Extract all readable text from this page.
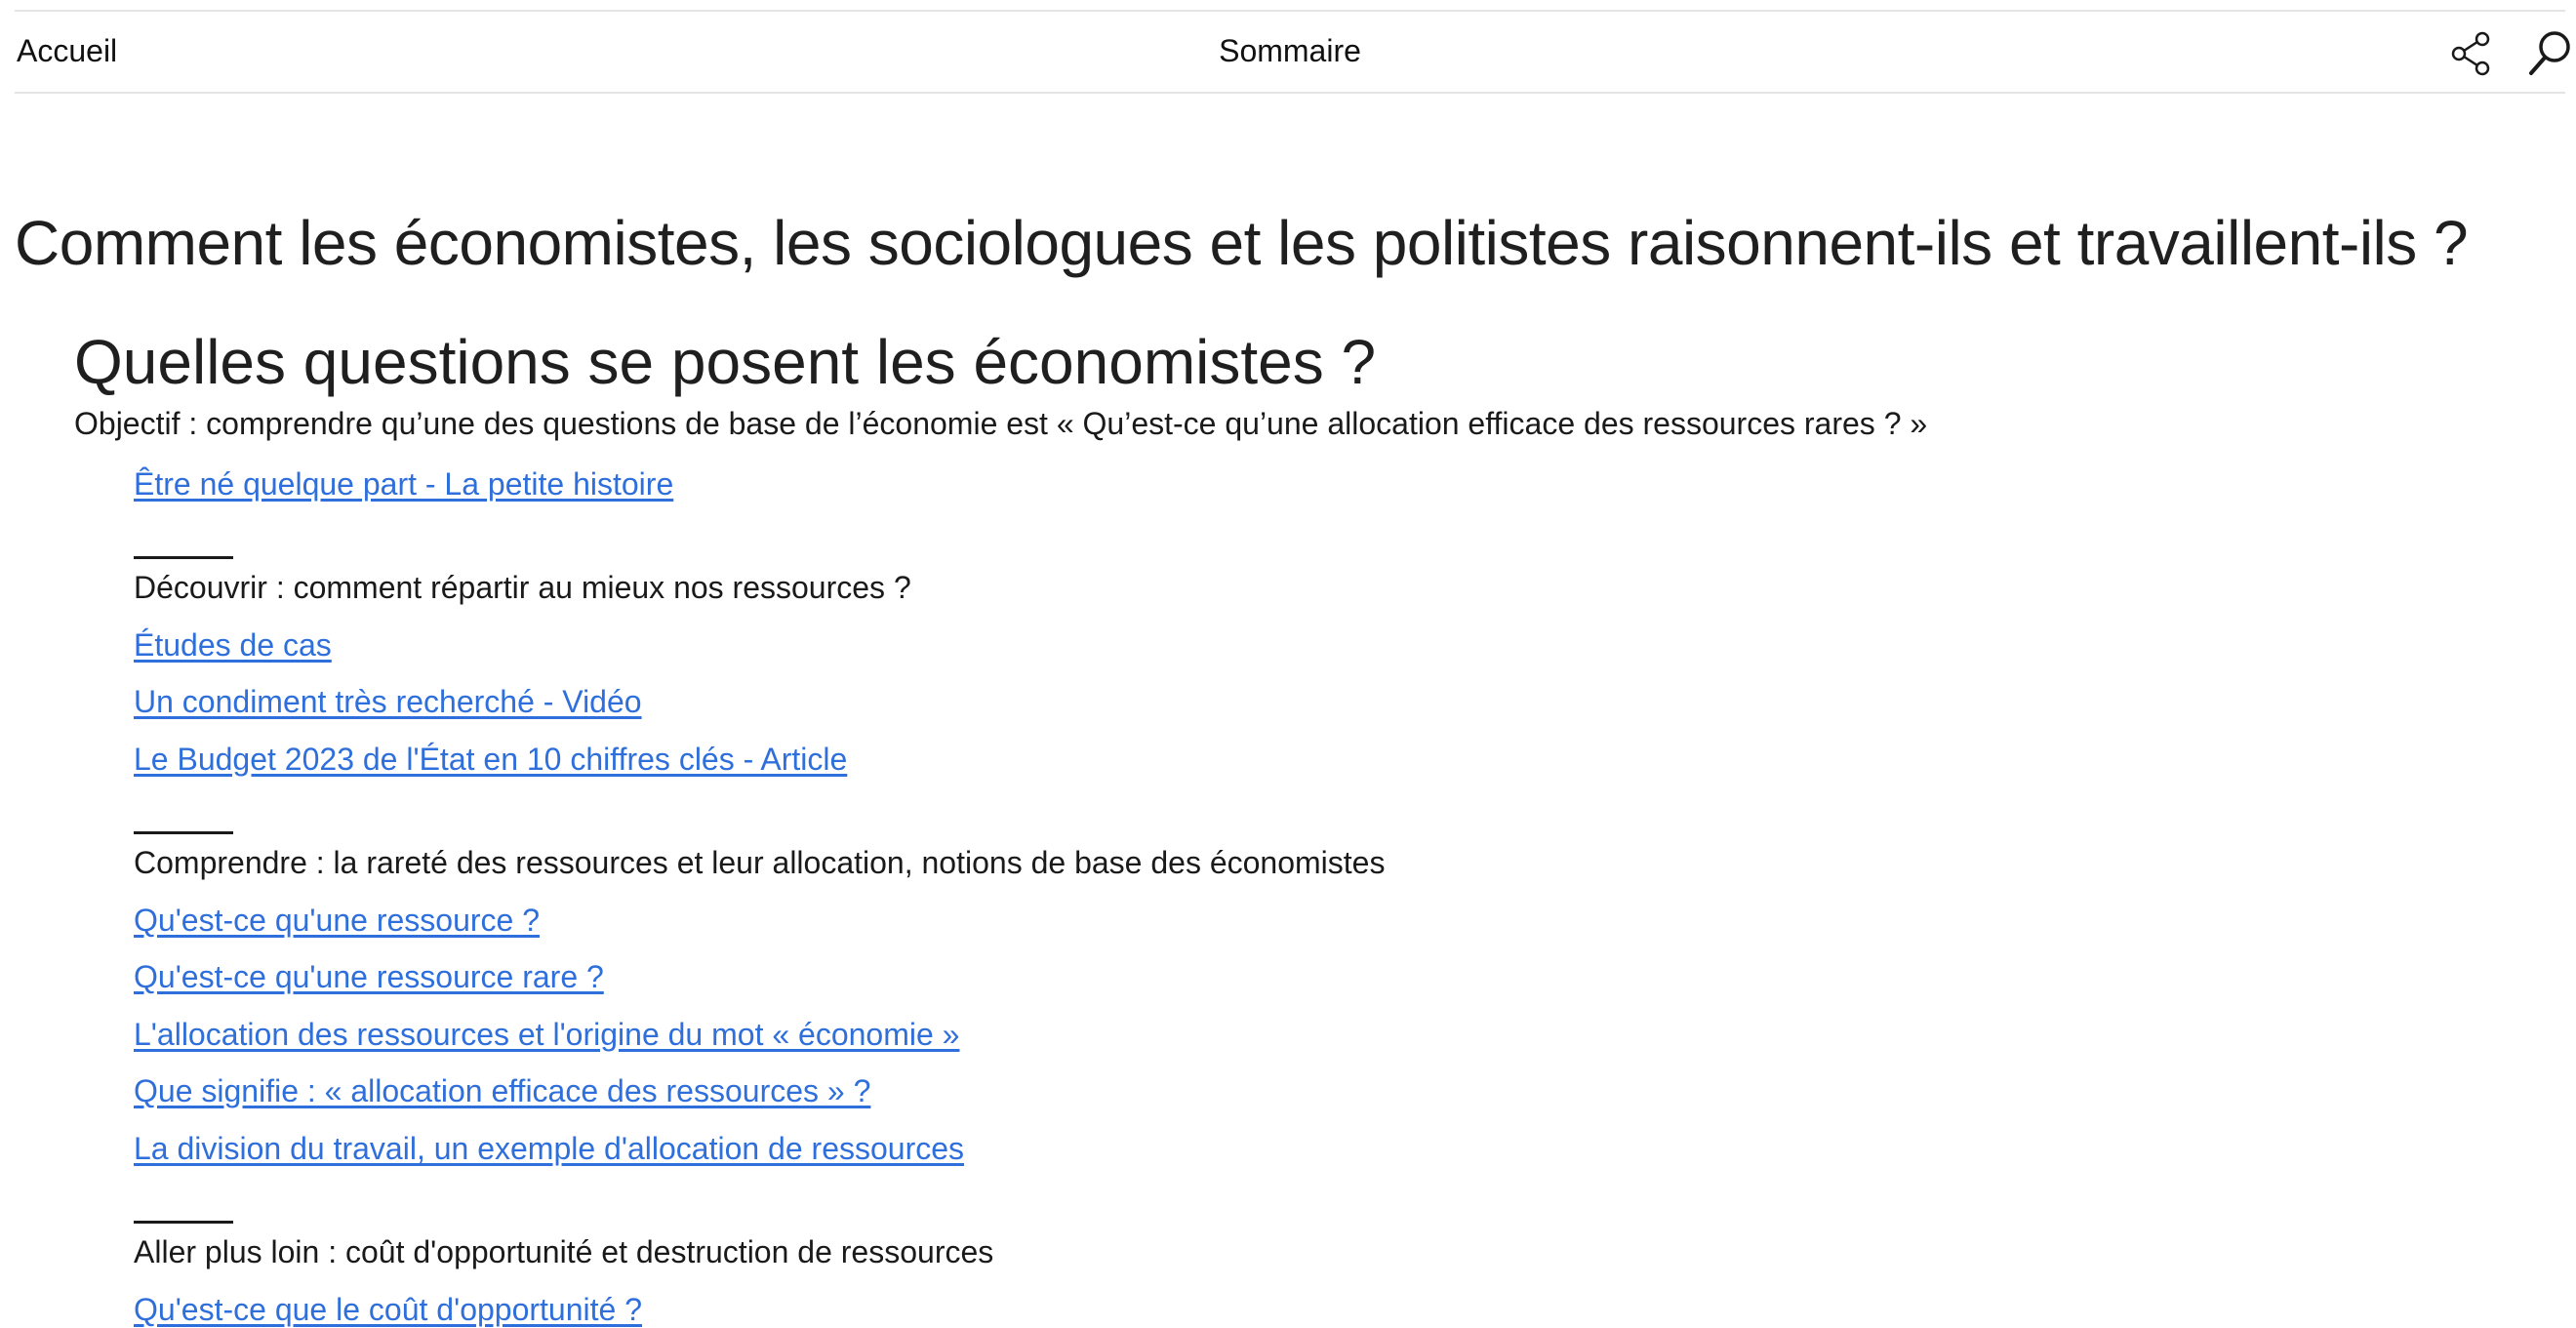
Accueil	Sommaire
Comment les économistes, les sociologues et les politistes raisonnent-ils et travaillent-ils ?
Quelles questions se posent les économistes ?

Objectif : comprendre qu’une des questions de base de l’économie est « Qu’est-ce qu’une allocation efficace des ressources rares ? »

Être né quelque part - La petite histoire
Découvrir : comment répartir au mieux nos ressources ?
Études de cas
Un condiment très recherché - Vidéo
Le Budget 2023 de l'État en 10 chiffres clés - Article
Comprendre : la rareté des ressources et leur allocation, notions de base des économistes
Qu'est-ce qu'une ressource ?
Qu'est-ce qu'une ressource rare ?
L'allocation des ressources et l'origine du mot « économie »
Que signifie : « allocation efficace des ressources » ?
La division du travail, un exemple d'allocation de ressources
Aller plus loin : coût d'opportunité et destruction de ressources
Qu'est-ce que le coût d'opportunité ?
